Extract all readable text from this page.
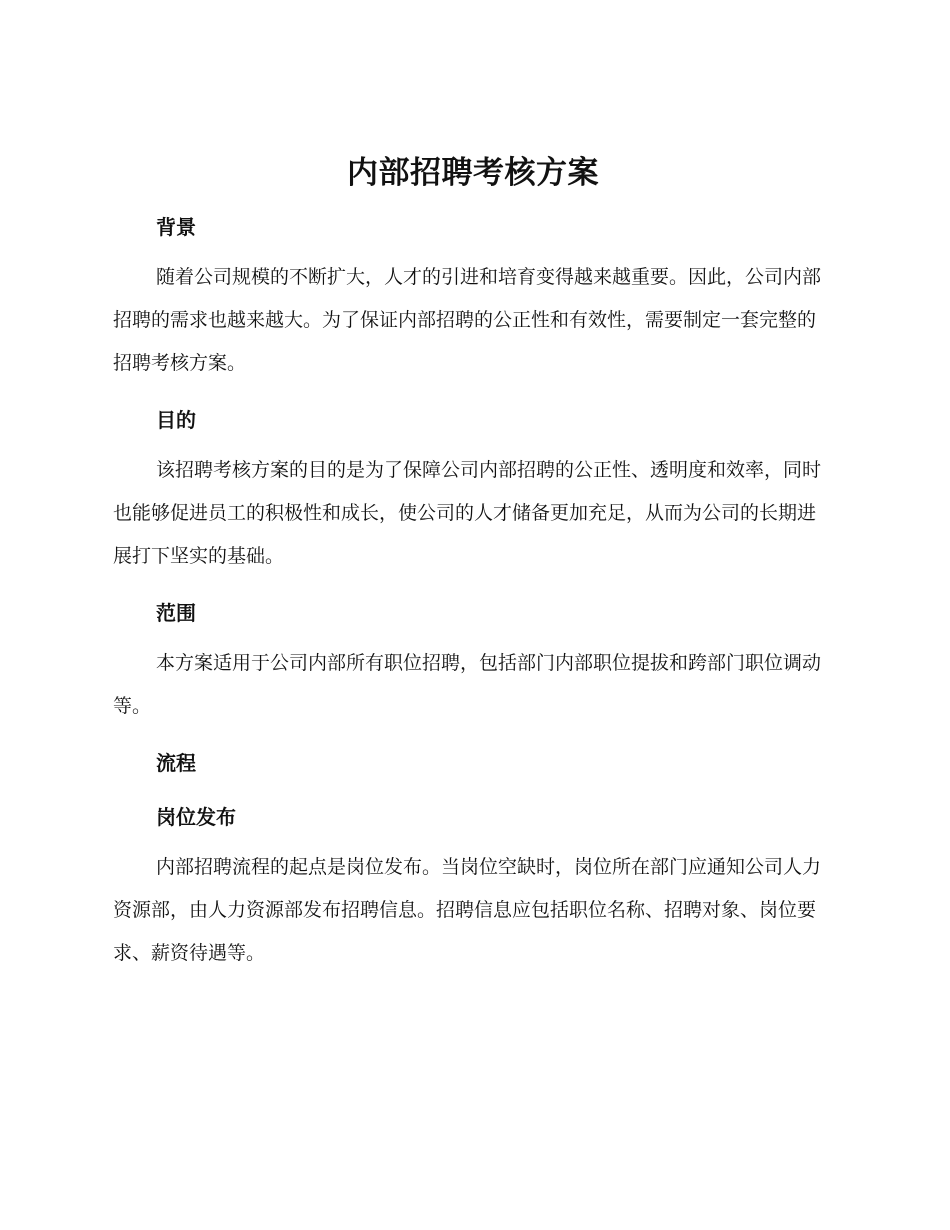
内部招聘考核方案
背景

随着公司规模的不断扩大，人才的引进和培育变得越来越重要。因此，公司内部招聘的需求也越来越大。为了保证内部招聘的公正性和有效性，需要制定一套完整的招聘考核方案。

目的

该招聘考核方案的目的是为了保障公司内部招聘的公正性、透明度和效率，同时也能够促进员工的积极性和成长，使公司的人才储备更加充足，从而为公司的长期进展打下坚实的基础。

范围

本方案适用于公司内部所有职位招聘，包括部门内部职位提拔和跨部门职位调动等。

流程
岗位发布

内部招聘流程的起点是岗位发布。当岗位空缺时，岗位所在部门应通知公司人力资源部，由人力资源部发布招聘信息。招聘信息应包括职位名称、招聘对象、岗位要求、薪资待遇等。
